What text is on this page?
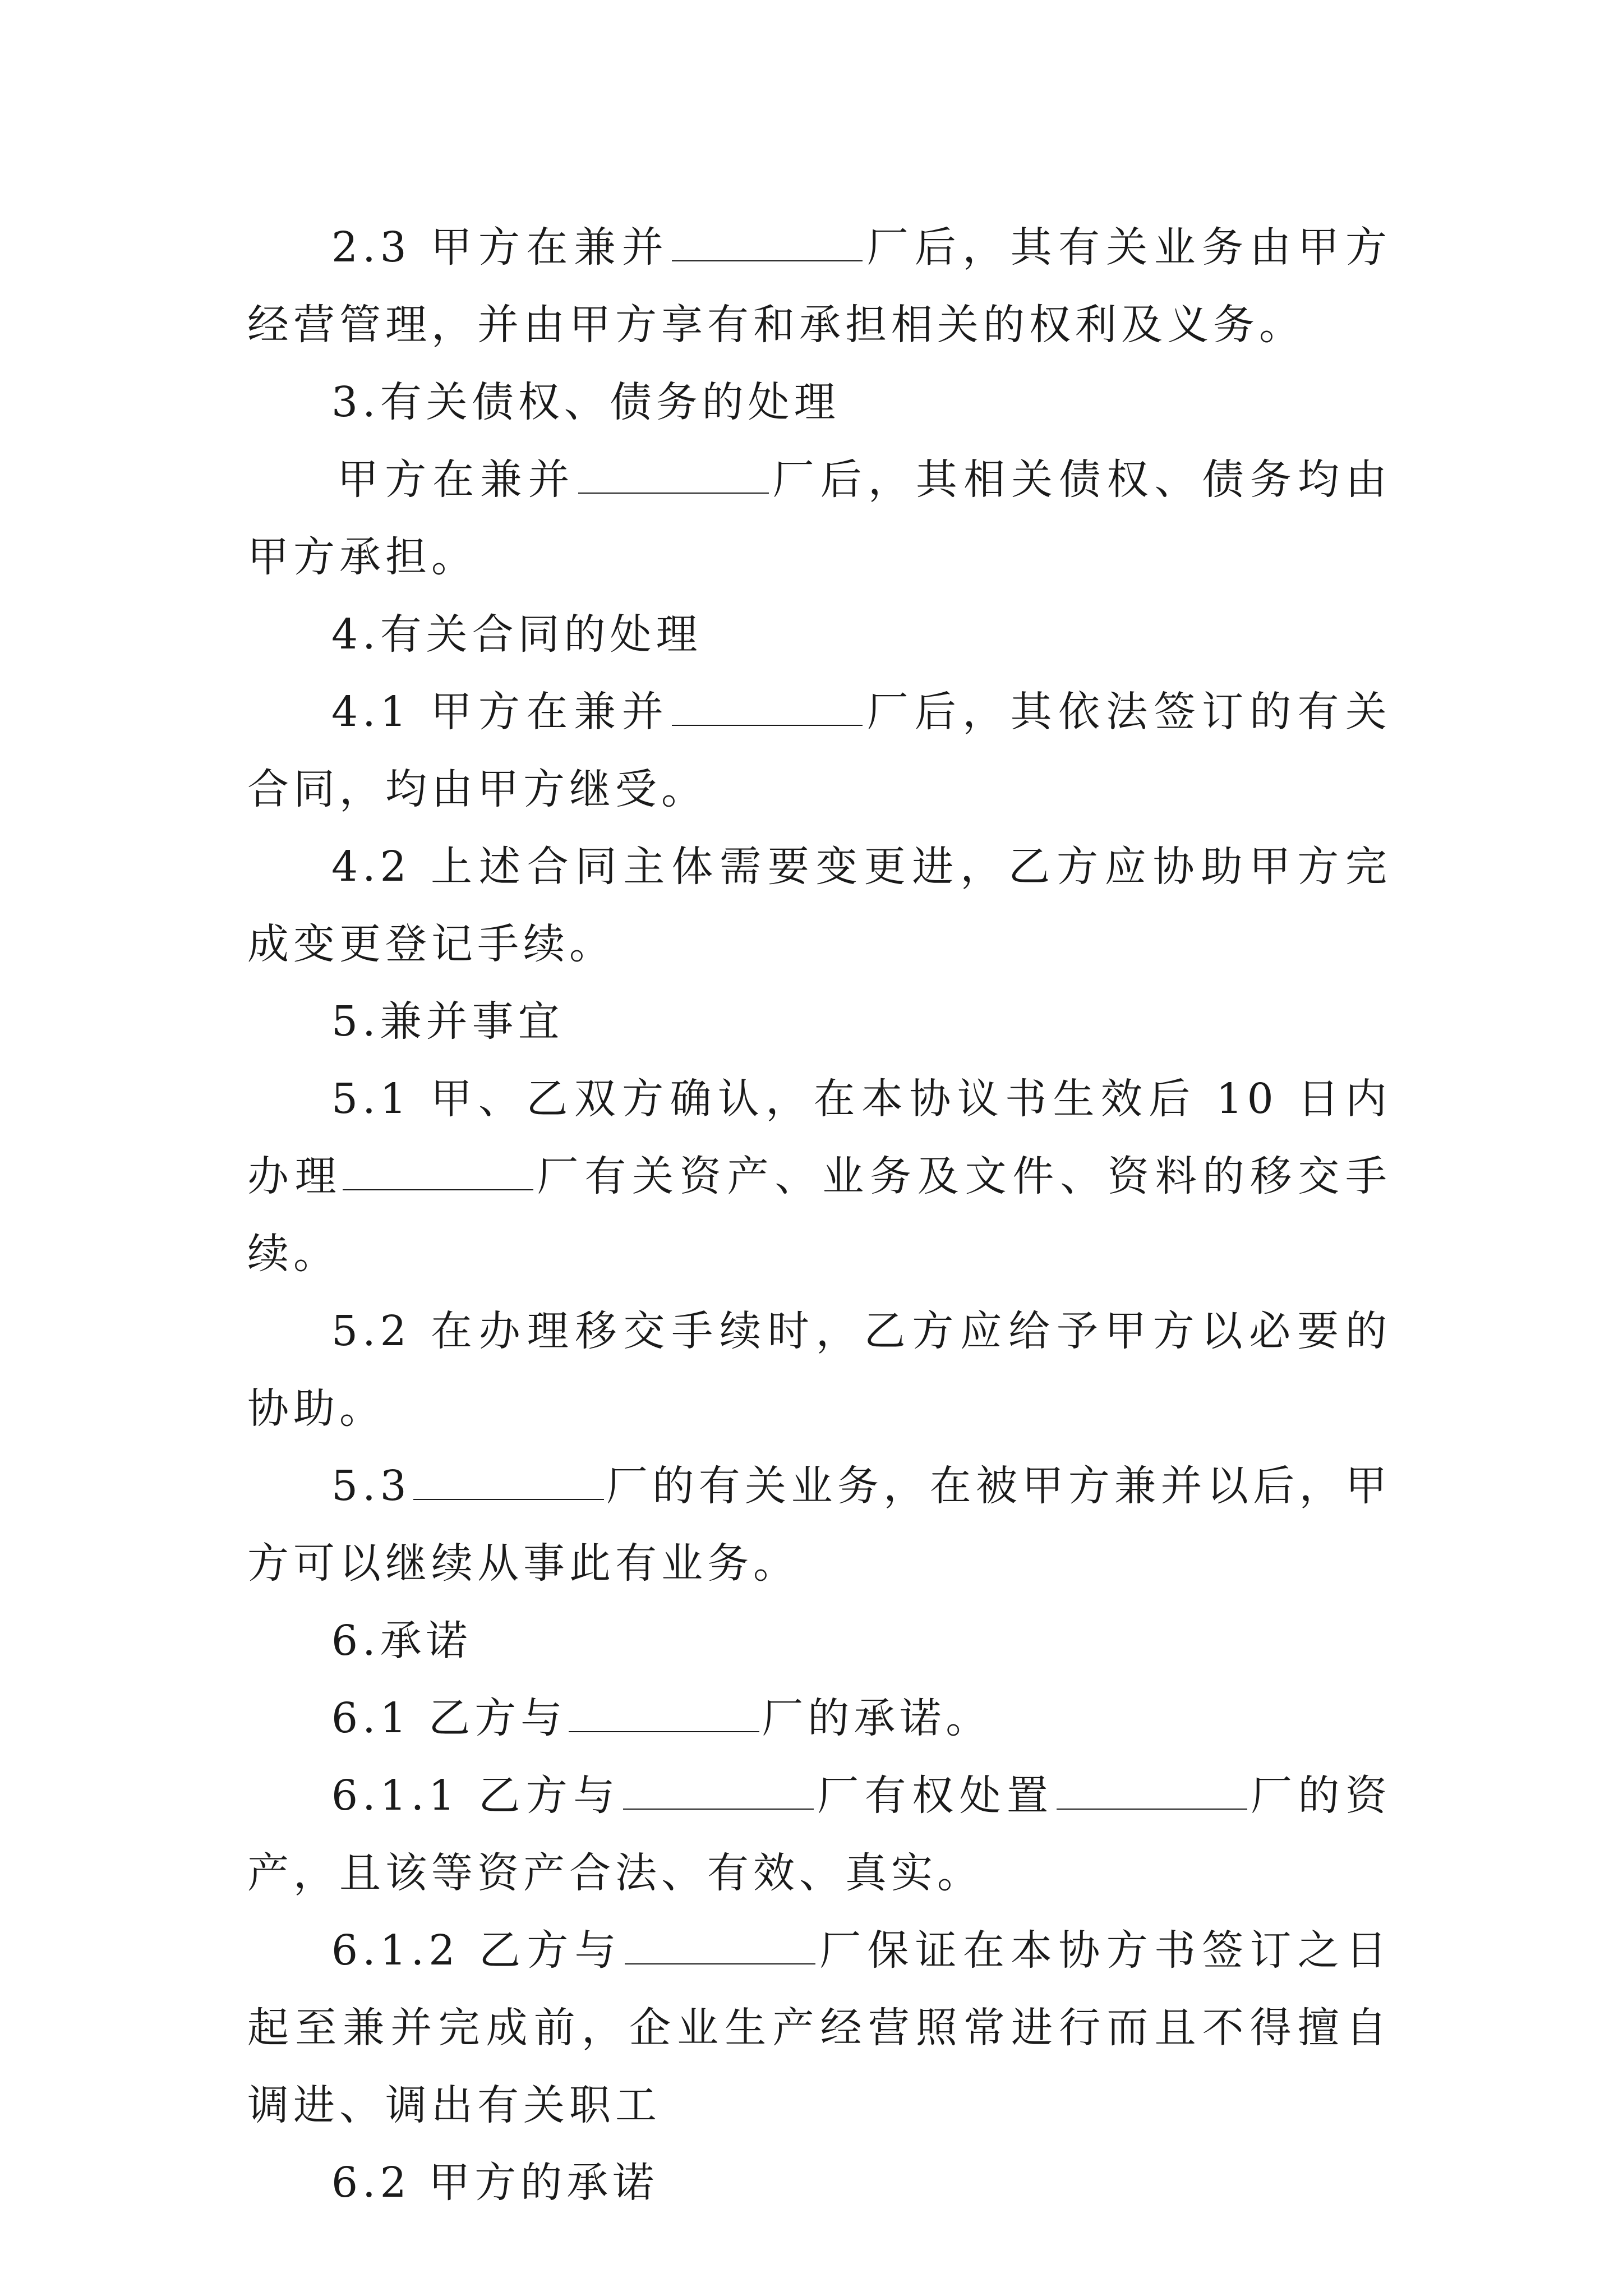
2.3 甲方在兼并	厂后，其有关业务由甲方经营管理，并由甲方享有和承担相关的权利及义务。

3.有关债权、债务的处理

甲方在兼并	厂后，其相关债权、债务均由甲方承担。

4.有关合同的处理

4.1 甲方在兼并	厂后，其依法签订的有关合同，均由甲方继受。

4.2 上述合同主体需要变更进，乙方应协助甲方完成变更登记手续。

5.兼并事宜

5.1 甲、乙双方确认，在本协议书生效后 10 日内办理	厂有关资产、业务及文件、资料的移交手续。

5.2 在办理移交手续时，乙方应给予甲方以必要的协助。

5.3	厂的有关业务，在被甲方兼并以后，甲方可以继续从事此有业务。

6.承诺

6.1 乙方与	厂的承诺。

6.1.1 乙方与	厂有权处置	厂的资产，且该等资产合法、有效、真实。

6.1.2 乙方与	厂保证在本协方书签订之日起至兼并完成前，企业生产经营照常进行而且不得擅自调进、调出有关职工

6.2 甲方的承诺
